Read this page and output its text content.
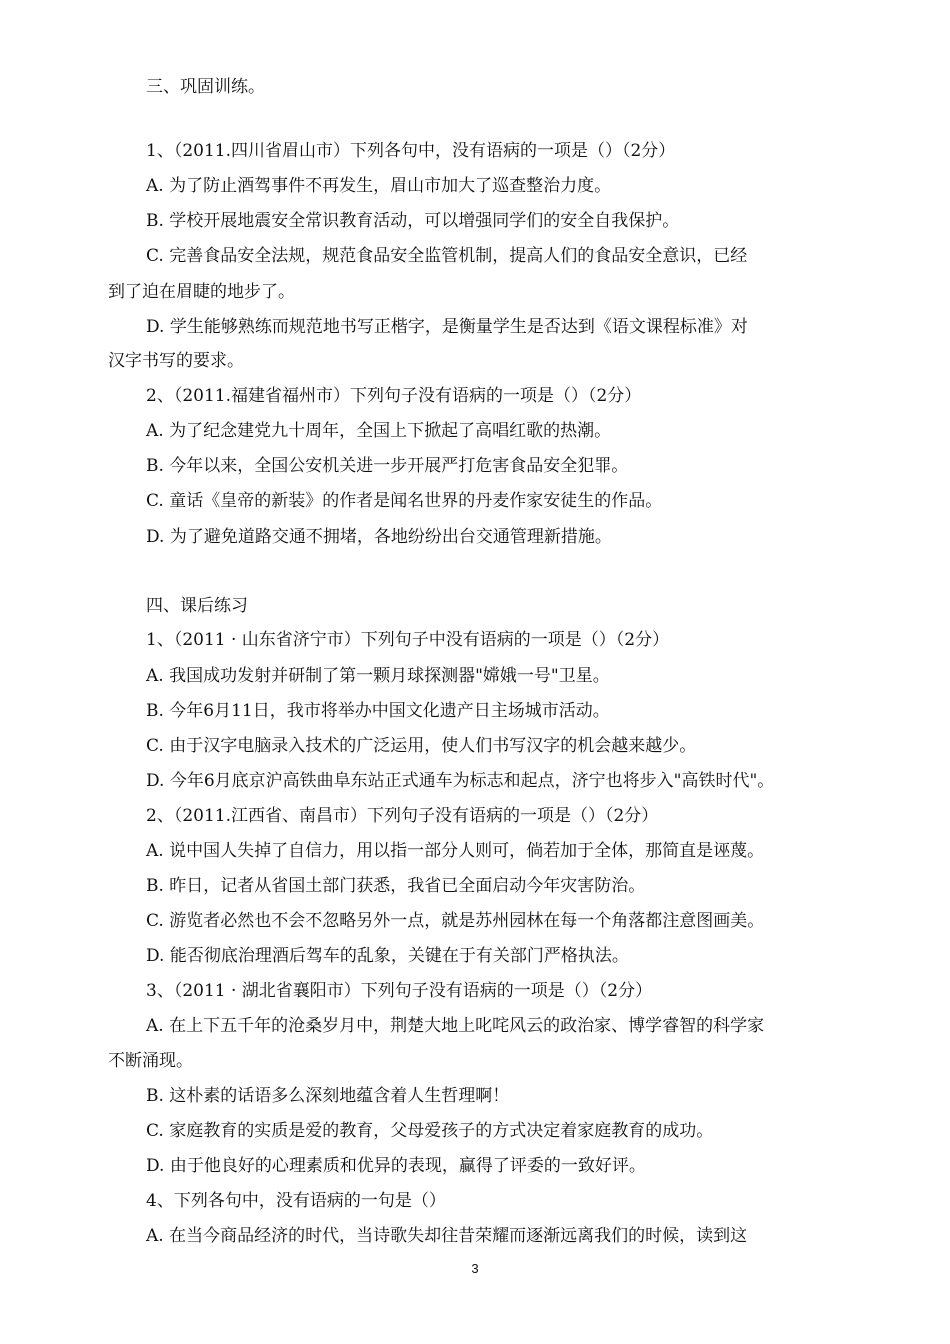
三、巩固训练。
1、（2011.四川省眉山市）下列各句中，没有语病的一项是（）（2分）
A. 为了防止酒驾事件不再发生，眉山市加大了巡查整治力度。
B. 学校开展地震安全常识教育活动，可以增强同学们的安全自我保护。
C. 完善食品安全法规，规范食品安全监管机制，提高人们的食品安全意识，已经
到了迫在眉睫的地步了。
D. 学生能够熟练而规范地书写正楷字，是衡量学生是否达到《语文课程标准》对
汉字书写的要求。
2、（2011.福建省福州市）下列句子没有语病的一项是（）（2分）
A. 为了纪念建党九十周年，全国上下掀起了高唱红歌的热潮。
B. 今年以来，全国公安机关进一步开展严打危害食品安全犯罪。
C. 童话《皇帝的新装》的作者是闻名世界的丹麦作家安徒生的作品。
D. 为了避免道路交通不拥堵，各地纷纷出台交通管理新措施。
四、课后练习
1、（2011 · 山东省济宁市）下列句子中没有语病的一项是（）（2分）
A. 我国成功发射并研制了第一颗月球探测器"嫦娥一号"卫星。
B. 今年6月11日，我市将举办中国文化遗产日主场城市活动。
C. 由于汉字电脑录入技术的广泛运用，使人们书写汉字的机会越来越少。
D. 今年6月底京沪高铁曲阜东站正式通车为标志和起点，济宁也将步入"高铁时代"。
2、（2011.江西省、南昌市）下列句子没有语病的一项是（）（2分）
A. 说中国人失掉了自信力，用以指一部分人则可，倘若加于全体，那简直是诬蔑。
B. 昨日，记者从省国土部门获悉，我省已全面启动今年灾害防治。
C. 游览者必然也不会不忽略另外一点，就是苏州园林在每一个角落都注意图画美。
D. 能否彻底治理酒后驾车的乱象，关键在于有关部门严格执法。
3、（2011 · 湖北省襄阳市）下列句子没有语病的一项是（）（2分）
A. 在上下五千年的沧桑岁月中，荆楚大地上叱咤风云的政治家、博学睿智的科学家
不断涌现。
B. 这朴素的话语多么深刻地蕴含着人生哲理啊！
C. 家庭教育的实质是爱的教育，父母爱孩子的方式决定着家庭教育的成功。
D. 由于他良好的心理素质和优异的表现，赢得了评委的一致好评。
4、下列各句中，没有语病的一句是（）
A. 在当今商品经济的时代，当诗歌失却往昔荣耀而逐渐远离我们的时候，读到这
3
